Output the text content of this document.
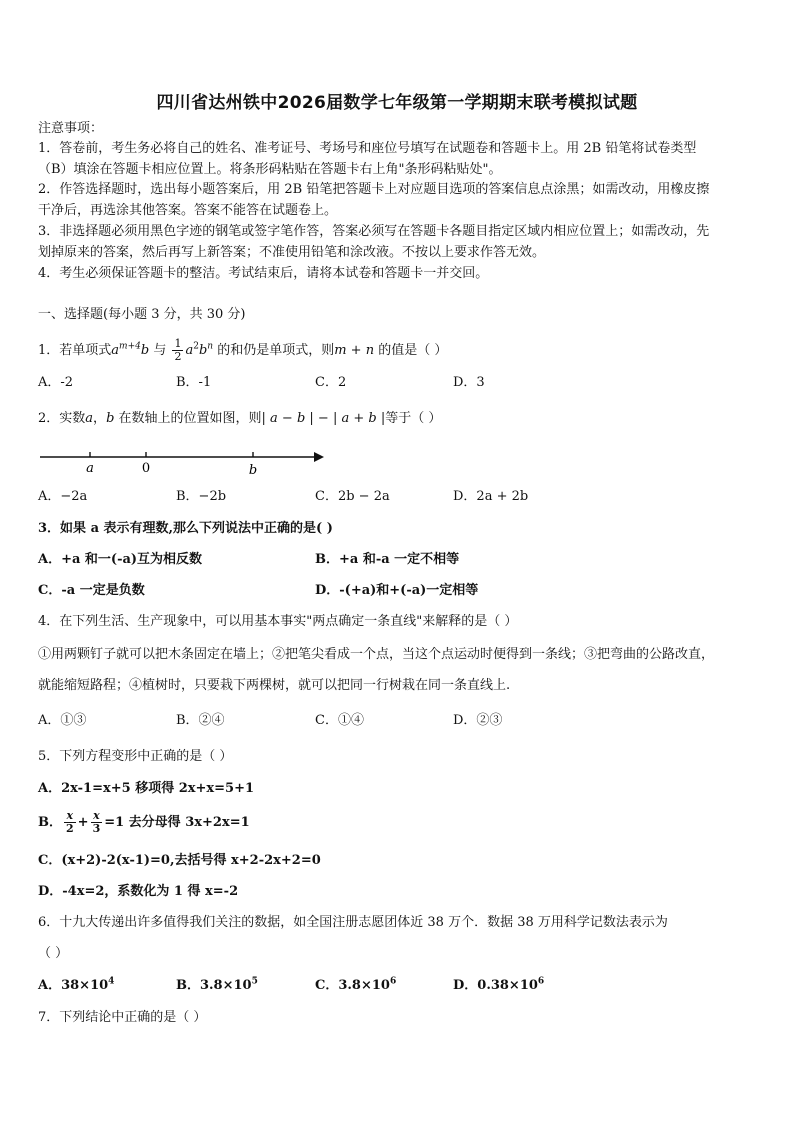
四川省达州铁中2026届数学七年级第一学期期末联考模拟试题
注意事项：
1．答卷前，考生务必将自己的姓名、准考证号、考场号和座位号填写在试题卷和答题卡上。用 2B 铅笔将试卷类型
（B）填涂在答题卡相应位置上。将条形码粘贴在答题卡右上角"条形码粘贴处"。
2．作答选择题时，选出每小题答案后，用 2B 铅笔把答题卡上对应题目选项的答案信息点涂黑；如需改动，用橡皮擦
干净后，再选涂其他答案。答案不能答在试题卷上。
3．非选择题必须用黑色字迹的钢笔或签字笔作答，答案必须写在答题卡各题目指定区域内相应位置上；如需改动，先
划掉原来的答案，然后再写上新答案；不准使用铅笔和涂改液。不按以上要求作答无效。
4．考生必须保证答题卡的整洁。考试结束后，请将本试卷和答题卡一并交回。
一、选择题(每小题 3 分，共 30 分)
1．若单项式$a^{m+4}b$ 与 $\frac{1}{2} a^2b^n$ 的和仍是单项式，则m + n 的值是（ ）
A．-2	B．-1	C．2	D．3
2．实数a，b 在数轴上的位置如图，则| a − b | − | a + b |等于（ ）
a	0	b
A．−2a	B．−2b	C．2b − 2a	D．2a + 2b
3．如果 a 表示有理数,那么下列说法中正确的是( )
A．+a 和一(-a)互为相反数	B．+a 和-a 一定不相等
C．-a 一定是负数	D．-(+a)和+(-a)一定相等
4．在下列生活、生产现象中，可以用基本事实"两点确定一条直线"来解释的是（ ）
①用两颗钉子就可以把木条固定在墙上；②把笔尖看成一个点，当这个点运动时便得到一条线；③把弯曲的公路改直，
就能缩短路程；④植树时，只要栽下两棵树，就可以把同一行树栽在同一条直线上.
A．①③	B．②④	C．①④	D．②③
5．下列方程变形中正确的是（ ）
A．2x-1=x+5 移项得 2x+x=5+1
B． $\frac{x}{2} + \frac{x}{3} =1$ 去分母得 3x+2x=1
C．(x+2)-2(x-1)=0,去括号得 x+2-2x+2=0
D．-4x=2，系数化为 1 得 x=-2
6．十九大传递出许多值得我们关注的数据，如全国注册志愿团体近 38 万个．数据 38 万用科学记数法表示为
（ ）
A．$38\times 10^4$	B．$3.8\times 10^5$	C．$3.8\times 10^6$	D．$0.38\times 10^6$
7．下列结论中正确的是（ ）
